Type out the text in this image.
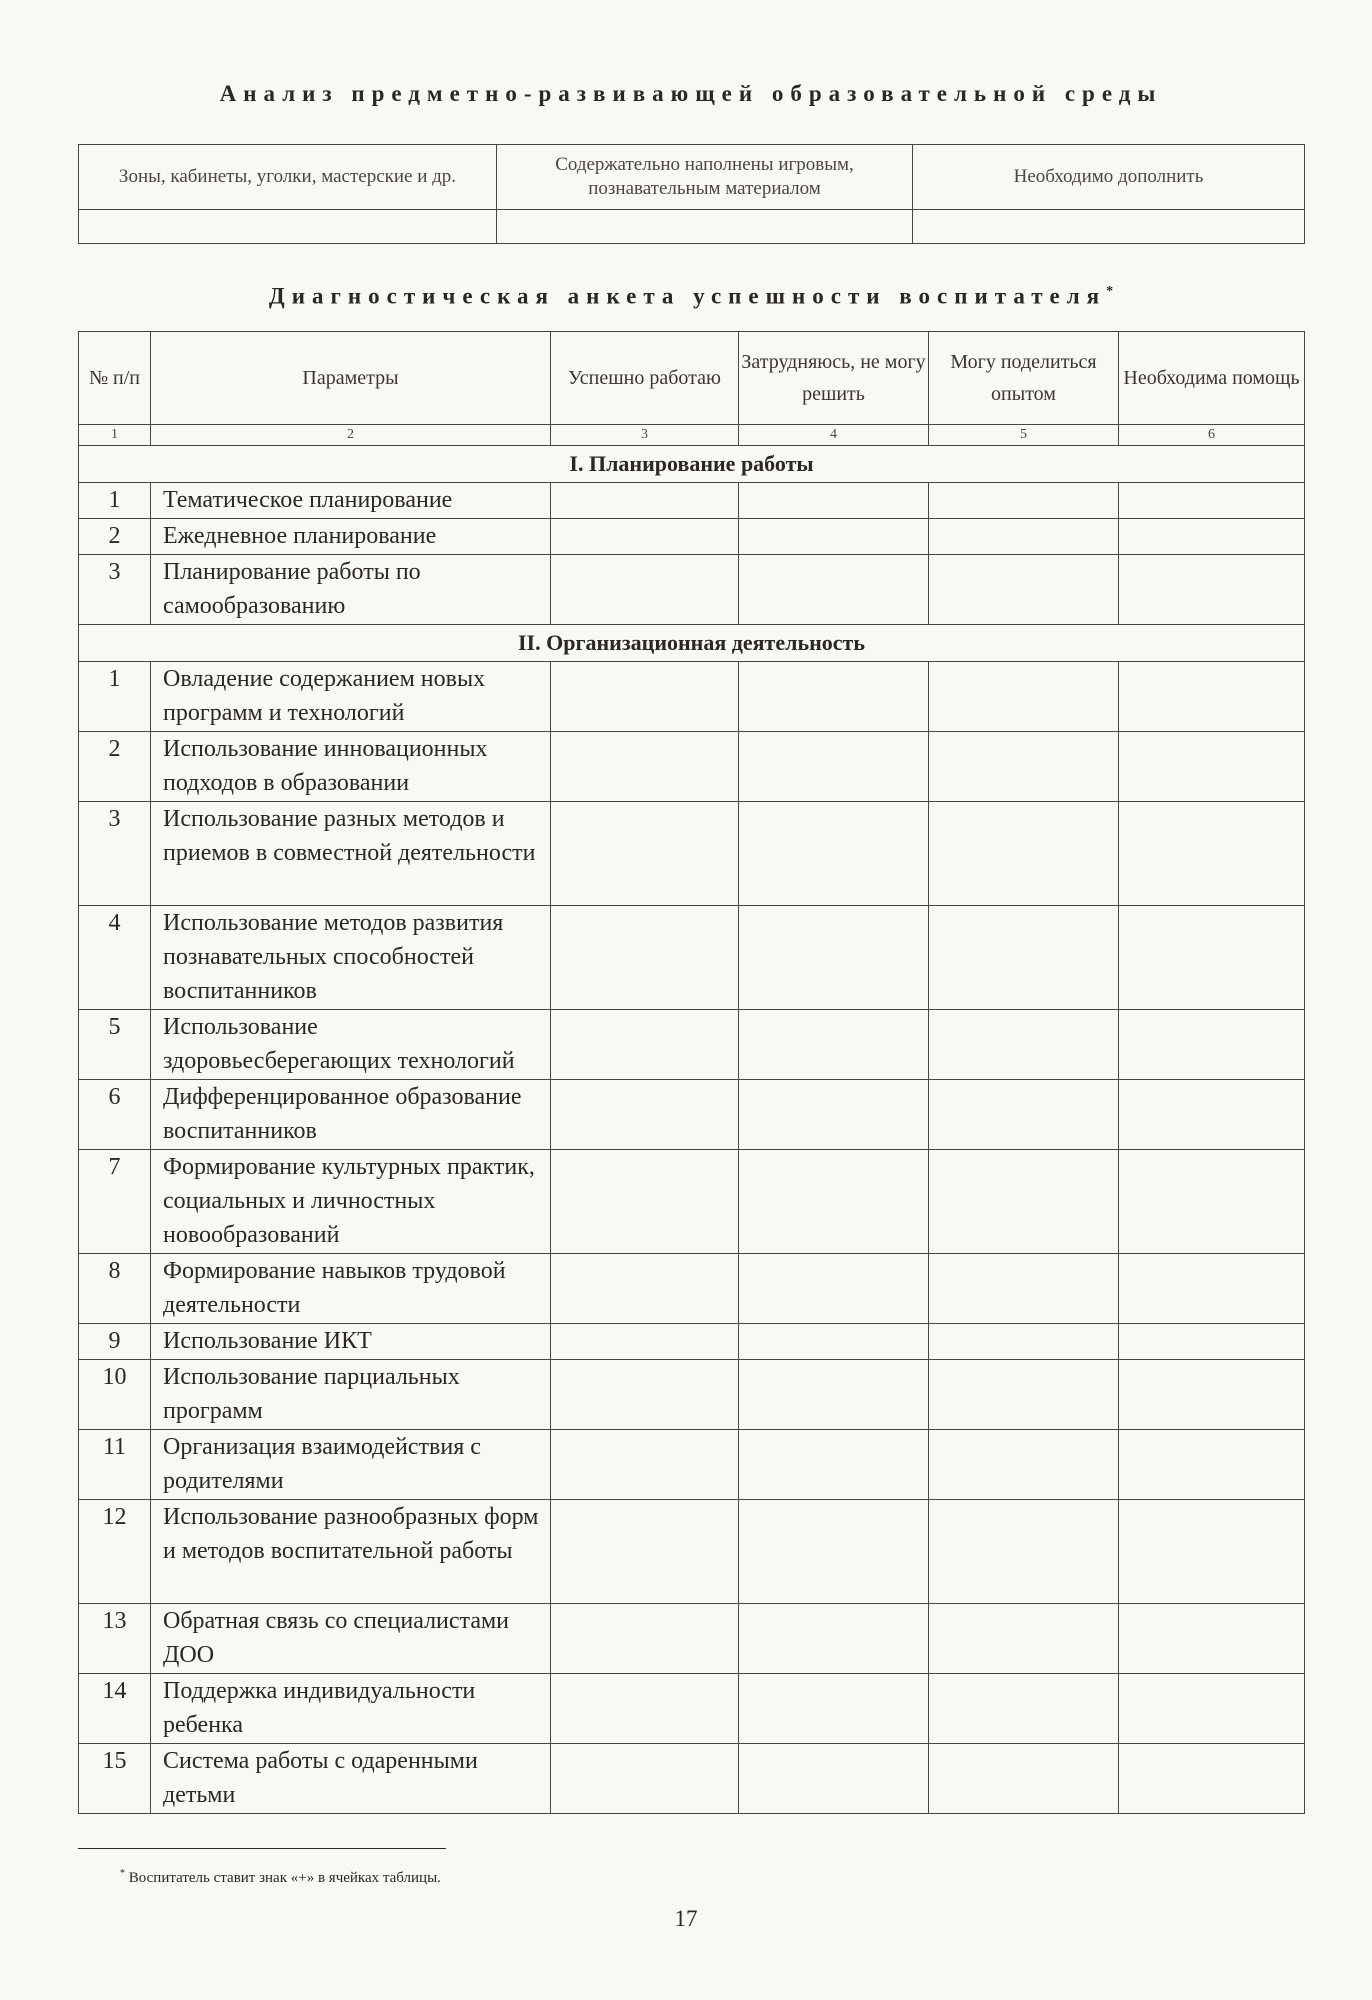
Анализ предметно-развивающей образовательной среды
Зоны, кабинеты, уголки, мастерские и др.	Содержательно наполнены игровым, познавательным материалом	Необходимо дополнить

Диагностическая анкета успешности воспитателя*
№ п/п	Параметры	Успешно работаю	Затрудняюсь, не могу решить	Могу поделиться опытом	Необходима помощь
1	2	3	4	5	6
I. Планирование работы					
1	Тематическое планирование				
2	Ежедневное планирование				
3	Планирование работы по самообразованию				
II. Организационная деятельность					
1	Овладение содержанием новых программ и технологий				
2	Использование инновационных подходов в образовании				
3	Использование разных методов и приемов в совместной деятельности				
4	Использование методов развития познавательных способностей воспитанников				
5	Использование здоровьесберегающих технологий				
6	Дифференцированное образование воспитанников				
7	Формирование культурных практик, социальных и личностных новообразований				
8	Формирование навыков трудовой деятельности				
9	Использование ИКТ				
10	Использование парциальных программ				
11	Организация взаимодействия с родителями				
12	Использование разнообразных форм и методов воспитательной работы				
13	Обратная связь со специалистами ДОО				
14	Поддержка индивидуальности ребенка				
15	Система работы с одаренными детьми				

* Воспитатель ставит знак «+» в ячейках таблицы.

17
